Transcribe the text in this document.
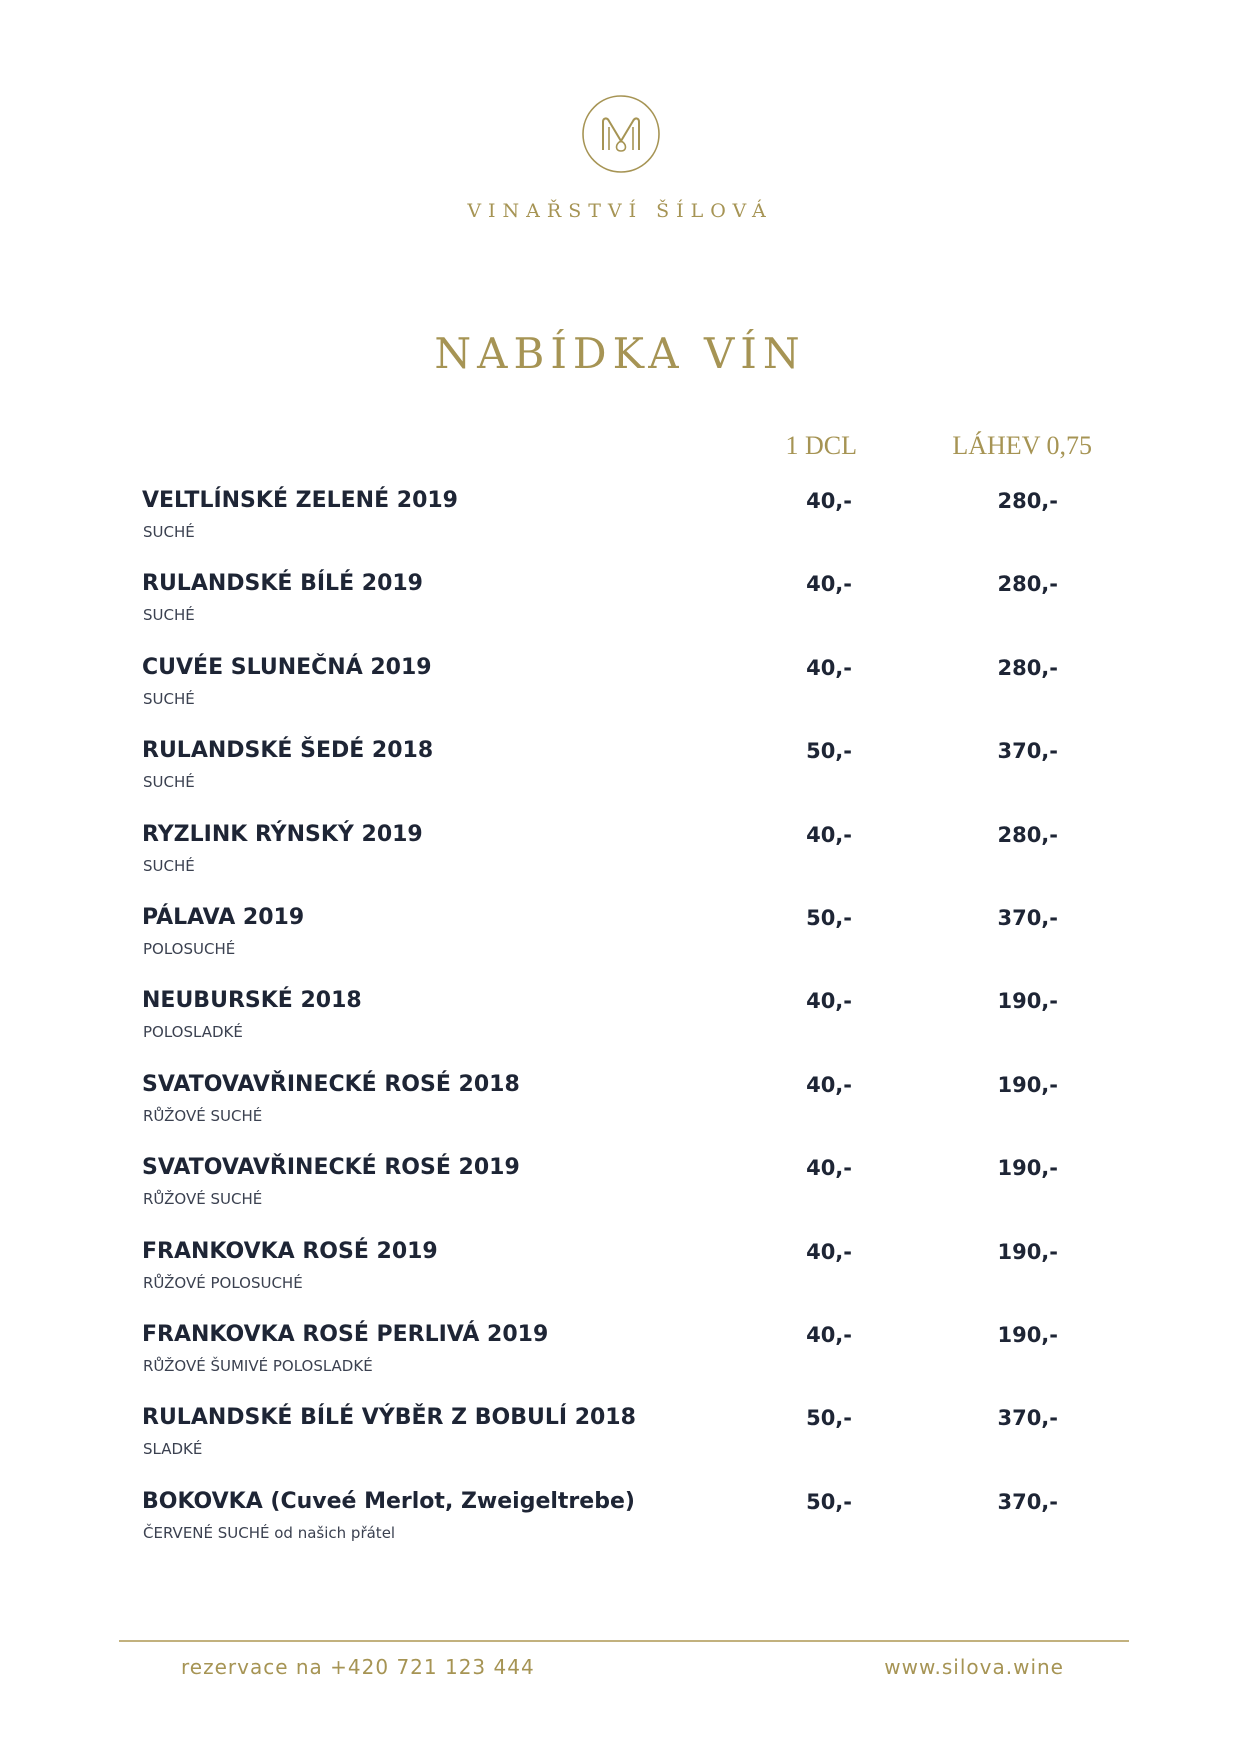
VINAŘSTVÍ ŠÍLOVÁ
NABÍDKA VÍN
1 DCL	LÁHEV 0,75
VELTLÍNSKÉ ZELENÉ 2019
SUCHÉ
40,-	280,-
RULANDSKÉ BÍLÉ 2019
SUCHÉ
40,-	280,-
CUVÉE SLUNEČNÁ 2019
SUCHÉ
40,-	280,-
RULANDSKÉ ŠEDÉ 2018
SUCHÉ
50,-	370,-
RYZLINK RÝNSKÝ 2019
SUCHÉ
40,-	280,-
PÁLAVA 2019
POLOSUCHÉ
50,-	370,-
NEUBURSKÉ 2018
POLOSLADKÉ
40,-	190,-
SVATOVAVŘINECKÉ ROSÉ 2018
RŮŽOVÉ SUCHÉ
40,-	190,-
SVATOVAVŘINECKÉ ROSÉ 2019
RŮŽOVÉ SUCHÉ
40,-	190,-
FRANKOVKA ROSÉ 2019
RŮŽOVÉ POLOSUCHÉ
40,-	190,-
FRANKOVKA ROSÉ PERLIVÁ 2019
RŮŽOVÉ ŠUMIVÉ POLOSLADKÉ
40,-	190,-
RULANDSKÉ BÍLÉ VÝBĚR Z BOBULÍ 2018
SLADKÉ
50,-	370,-
BOKOVKA (Cuveé Merlot, Zweigeltrebe)
ČERVENÉ SUCHÉ od našich přátel
50,-	370,-
rezervace na +420 721 123 444	www.silova.wine
